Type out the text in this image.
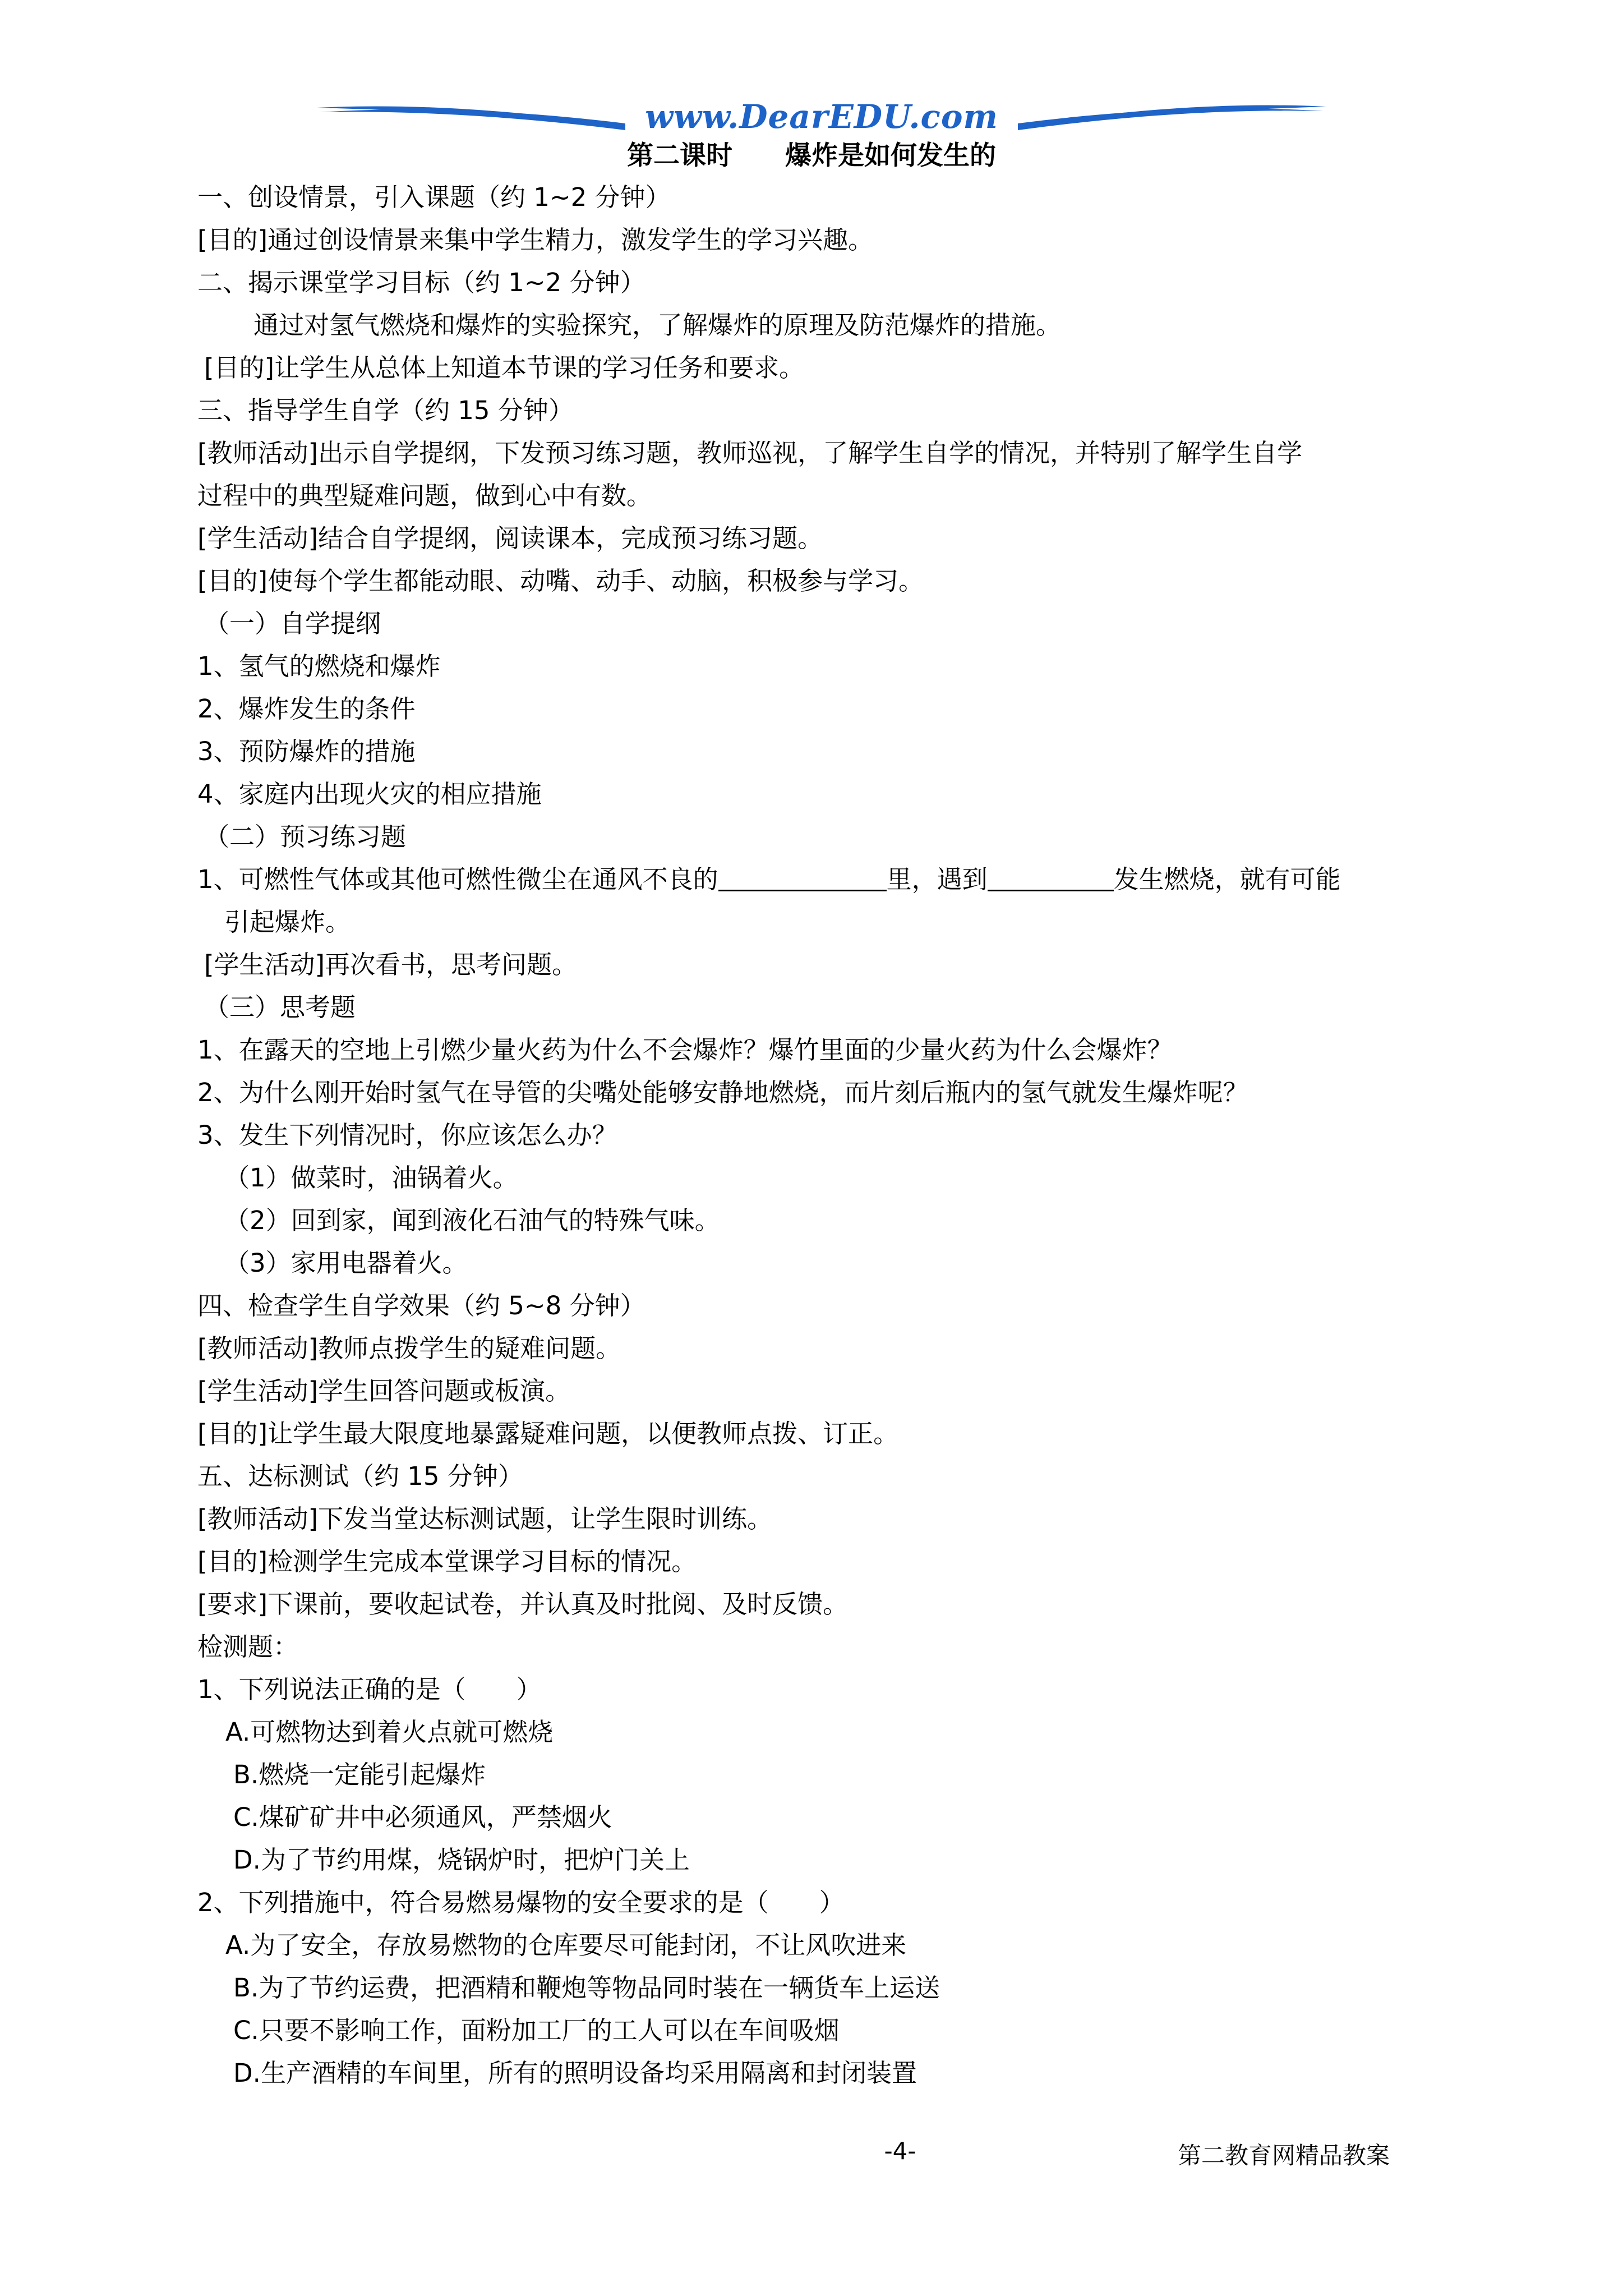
www.DearEDU.com
第二课时　　爆炸是如何发生的
一、创设情景，引入课题（约 1~2 分钟）
[目的]通过创设情景来集中学生精力，激发学生的学习兴趣。
二、揭示课堂学习目标（约 1~2 分钟）
通过对氢气燃烧和爆炸的实验探究，了解爆炸的原理及防范爆炸的措施。
[目的]让学生从总体上知道本节课的学习任务和要求。
三、指导学生自学（约 15 分钟）
[教师活动]出示自学提纲，下发预习练习题，教师巡视，了解学生自学的情况，并特别了解学生自学
过程中的典型疑难问题，做到心中有数。
[学生活动]结合自学提纲，阅读课本，完成预习练习题。
[目的]使每个学生都能动眼、动嘴、动手、动脑，积极参与学习。
（一）自学提纲
1、氢气的燃烧和爆炸
2、爆炸发生的条件
3、预防爆炸的措施
4、家庭内出现火灾的相应措施
（二）预习练习题
1、可燃性气体或其他可燃性微尘在通风不良的	里，遇到	发生燃烧，就有可能
引起爆炸。
[学生活动]再次看书，思考问题。
（三）思考题
1、在露天的空地上引燃少量火药为什么不会爆炸？爆竹里面的少量火药为什么会爆炸？
2、为什么刚开始时氢气在导管的尖嘴处能够安静地燃烧，而片刻后瓶内的氢气就发生爆炸呢？
3、发生下列情况时，你应该怎么办？
（1）做菜时，油锅着火。
（2）回到家，闻到液化石油气的特殊气味。
（3）家用电器着火。
四、检查学生自学效果（约 5~8 分钟）
[教师活动]教师点拨学生的疑难问题。
[学生活动]学生回答问题或板演。
[目的]让学生最大限度地暴露疑难问题，以便教师点拨、订正。
五、达标测试（约 15 分钟）
[教师活动]下发当堂达标测试题，让学生限时训练。
[目的]检测学生完成本堂课学习目标的情况。
[要求]下课前，要收起试卷，并认真及时批阅、及时反馈。
检测题：
1、下列说法正确的是（　　）
A.可燃物达到着火点就可燃烧
B.燃烧一定能引起爆炸
C.煤矿矿井中必须通风，严禁烟火
D.为了节约用煤，烧锅炉时，把炉门关上
2、下列措施中，符合易燃易爆物的安全要求的是（　　）
A.为了安全，存放易燃物的仓库要尽可能封闭，不让风吹进来
B.为了节约运费，把酒精和鞭炮等物品同时装在一辆货车上运送
C.只要不影响工作，面粉加工厂的工人可以在车间吸烟
D.生产酒精的车间里，所有的照明设备均采用隔离和封闭装置
-4-	第二教育网精品教案
